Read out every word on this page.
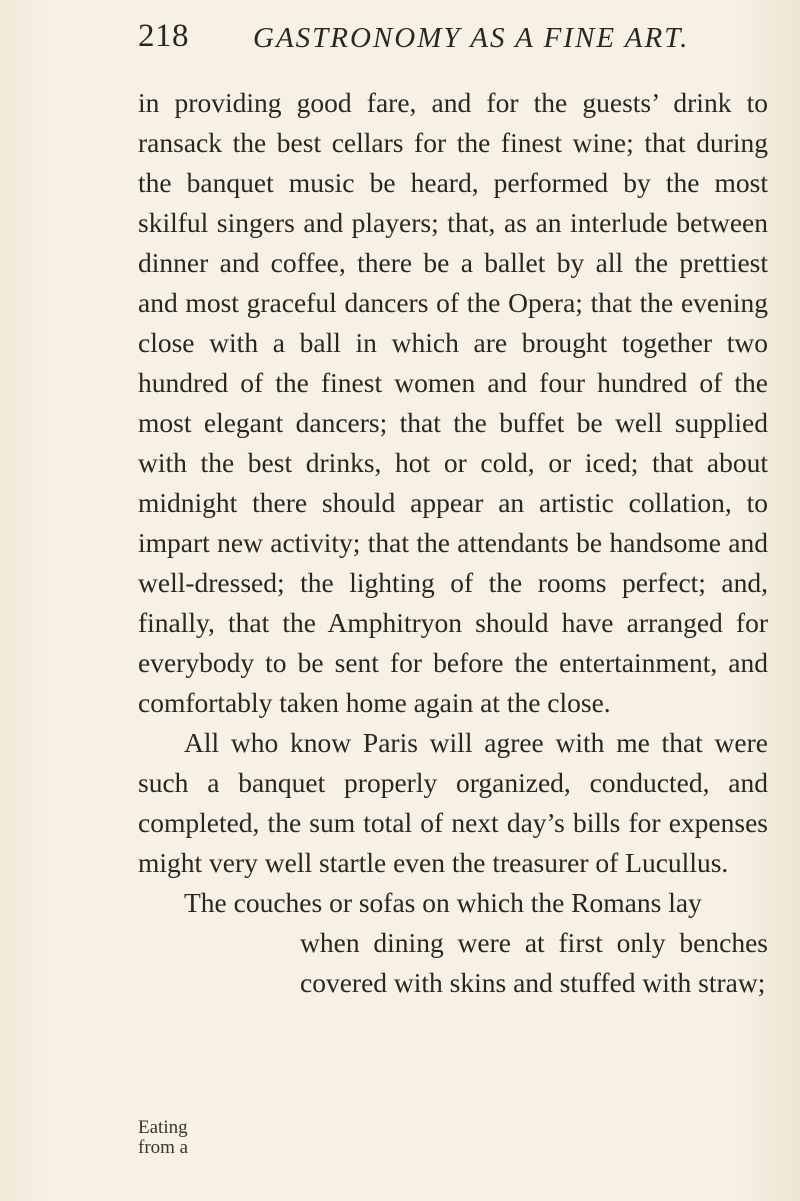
218 GASTRONOMY AS A FINE ART.

in providing good fare, and for the guests’ drink to ransack the best cellars for the finest wine; that during the banquet music be heard, performed by the most skilful singers and players; that, as an interlude between dinner and coffee, there be a ballet by all the prettiest and most graceful dancers of the Opera; that the evening close with a ball in which are brought together two hundred of the finest women and four hundred of the most elegant dancers; that the buffet be well supplied with the best drinks, hot or cold, or iced; that about midnight there should appear an artistic collation, to impart new activity; that the attendants be handsome and well-dressed; the lighting of the rooms perfect; and, finally, that the Amphitryon should have arranged for everybody to be sent for before the entertainment, and comfortably taken home again at the close.

All who know Paris will agree with me that were such a banquet properly organized, conducted, and completed, the sum total of next day’s bills for expenses might very well startle even the treasurer of Lucullus.

The couches or sofas on which the Romans lay

when dining were at first only benches covered with skins and stuffed with straw;

Eating from a
